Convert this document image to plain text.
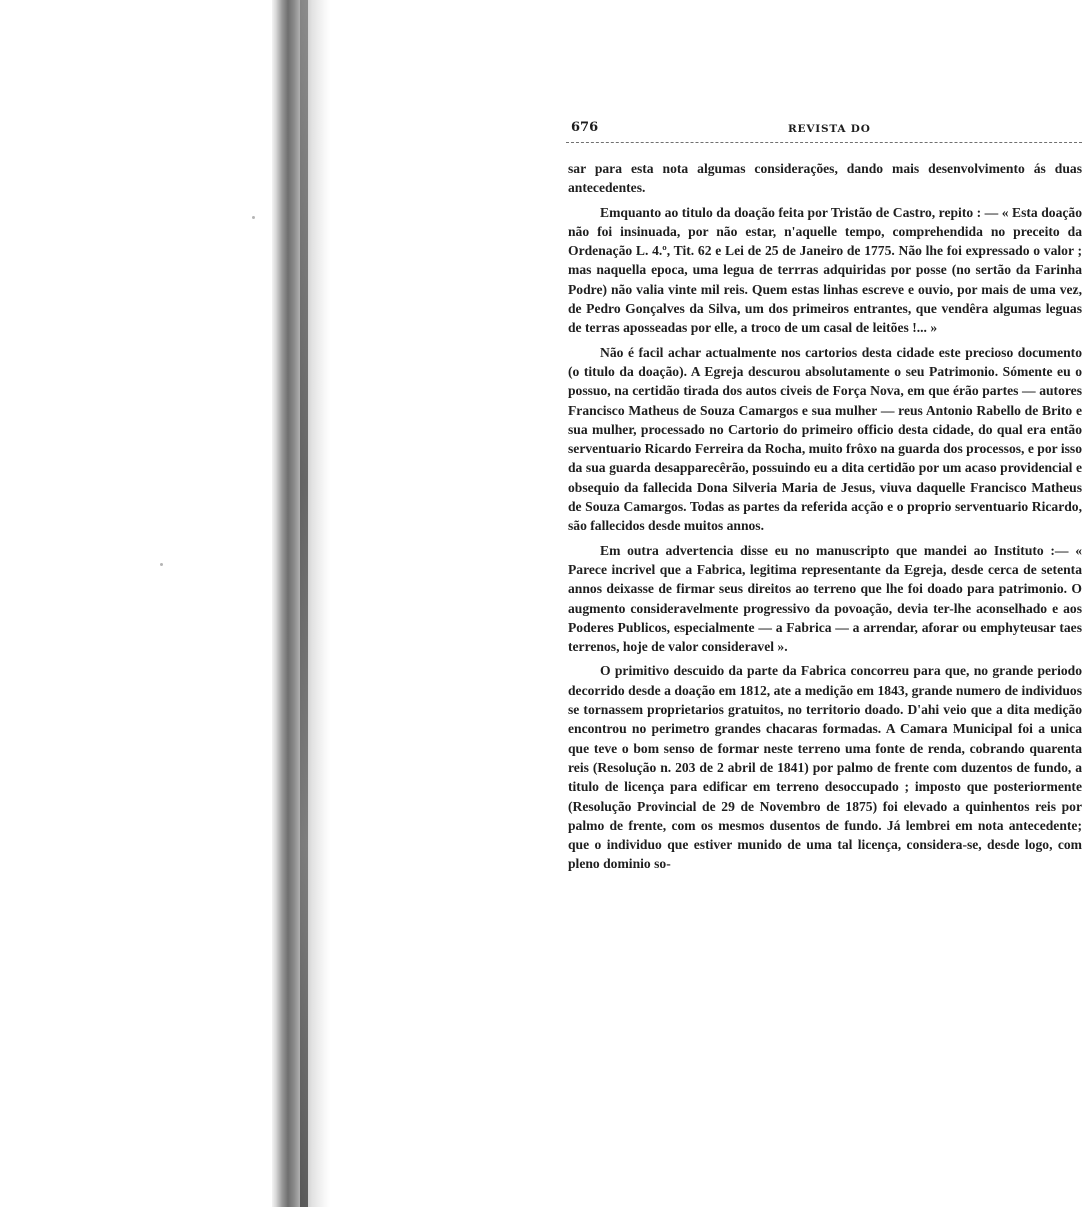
676	REVISTA DO

sar para esta nota algumas considerações, dando mais desenvolvimento ás duas antecedentes.

Emquanto ao titulo da doação feita por Tristão de Castro, repito : — « Esta doação não foi insinuada, por não estar, n'aquelle tempo, comprehendida no preceito da Ordenação L. 4.º, Tit. 62 e Lei de 25 de Janeiro de 1775. Não lhe foi expressado o valor ; mas naquella epoca, uma legua de terrras adquiridas por posse (no sertão da Farinha Podre) não valia vinte mil reis. Quem estas linhas escreve e ouvio, por mais de uma vez, de Pedro Gonçalves da Silva, um dos primeiros entrantes, que vendêra algumas leguas de terras aposseadas por elle, a troco de um casal de leitões !... »

Não é facil achar actualmente nos cartorios desta cidade este precioso documento (o titulo da doação). A Egreja descurou absolutamente o seu Patrimonio. Sómente eu o possuo, na certidão tirada dos autos civeis de Força Nova, em que érão partes — autores Francisco Matheus de Souza Camargos e sua mulher — reus Antonio Rabello de Brito e sua mulher, processado no Cartorio do primeiro officio desta cidade, do qual era então serventuario Ricardo Ferreira da Rocha, muito frôxo na guarda dos processos, e por isso da sua guarda desapparecêrão, possuindo eu a dita certidão por um acaso providencial e obsequio da fallecida Dona Silveria Maria de Jesus, viuva daquelle Francisco Matheus de Souza Camargos. Todas as partes da referida acção e o proprio serventuario Ricardo, são fallecidos desde muitos annos.

Em outra advertencia disse eu no manuscripto que mandei ao Instituto :— « Parece incrivel que a Fabrica, legitima representante da Egreja, desde cerca de setenta annos deixasse de firmar seus direitos ao terreno que lhe foi doado para patrimonio. O augmento consideravelmente progressivo da povoação, devia ter-lhe aconselhado e aos Poderes Publicos, especialmente — a Fabrica — a arrendar, aforar ou emphyteusar taes terrenos, hoje de valor consideravel ».

O primitivo descuido da parte da Fabrica concorreu para que, no grande periodo decorrido desde a doação em 1812, ate a medição em 1843, grande numero de individuos se tornassem proprietarios gratuitos, no territorio doado. D'ahi veio que a dita medição encontrou no perimetro grandes chacaras formadas. A Camara Municipal foi a unica que teve o bom senso de formar neste terreno uma fonte de renda, cobrando quarenta reis (Resolução n. 203 de 2 abril de 1841) por palmo de frente com duzentos de fundo, a titulo de licença para edificar em terreno desoccupado ; imposto que posteriormente (Resolução Provincial de 29 de Novembro de 1875) foi elevado a quinhentos reis por palmo de frente, com os mesmos dusentos de fundo. Já lembrei em nota antecedente; que o individuo que estiver munido de uma tal licença, considera-se, desde logo, com pleno dominio so-
